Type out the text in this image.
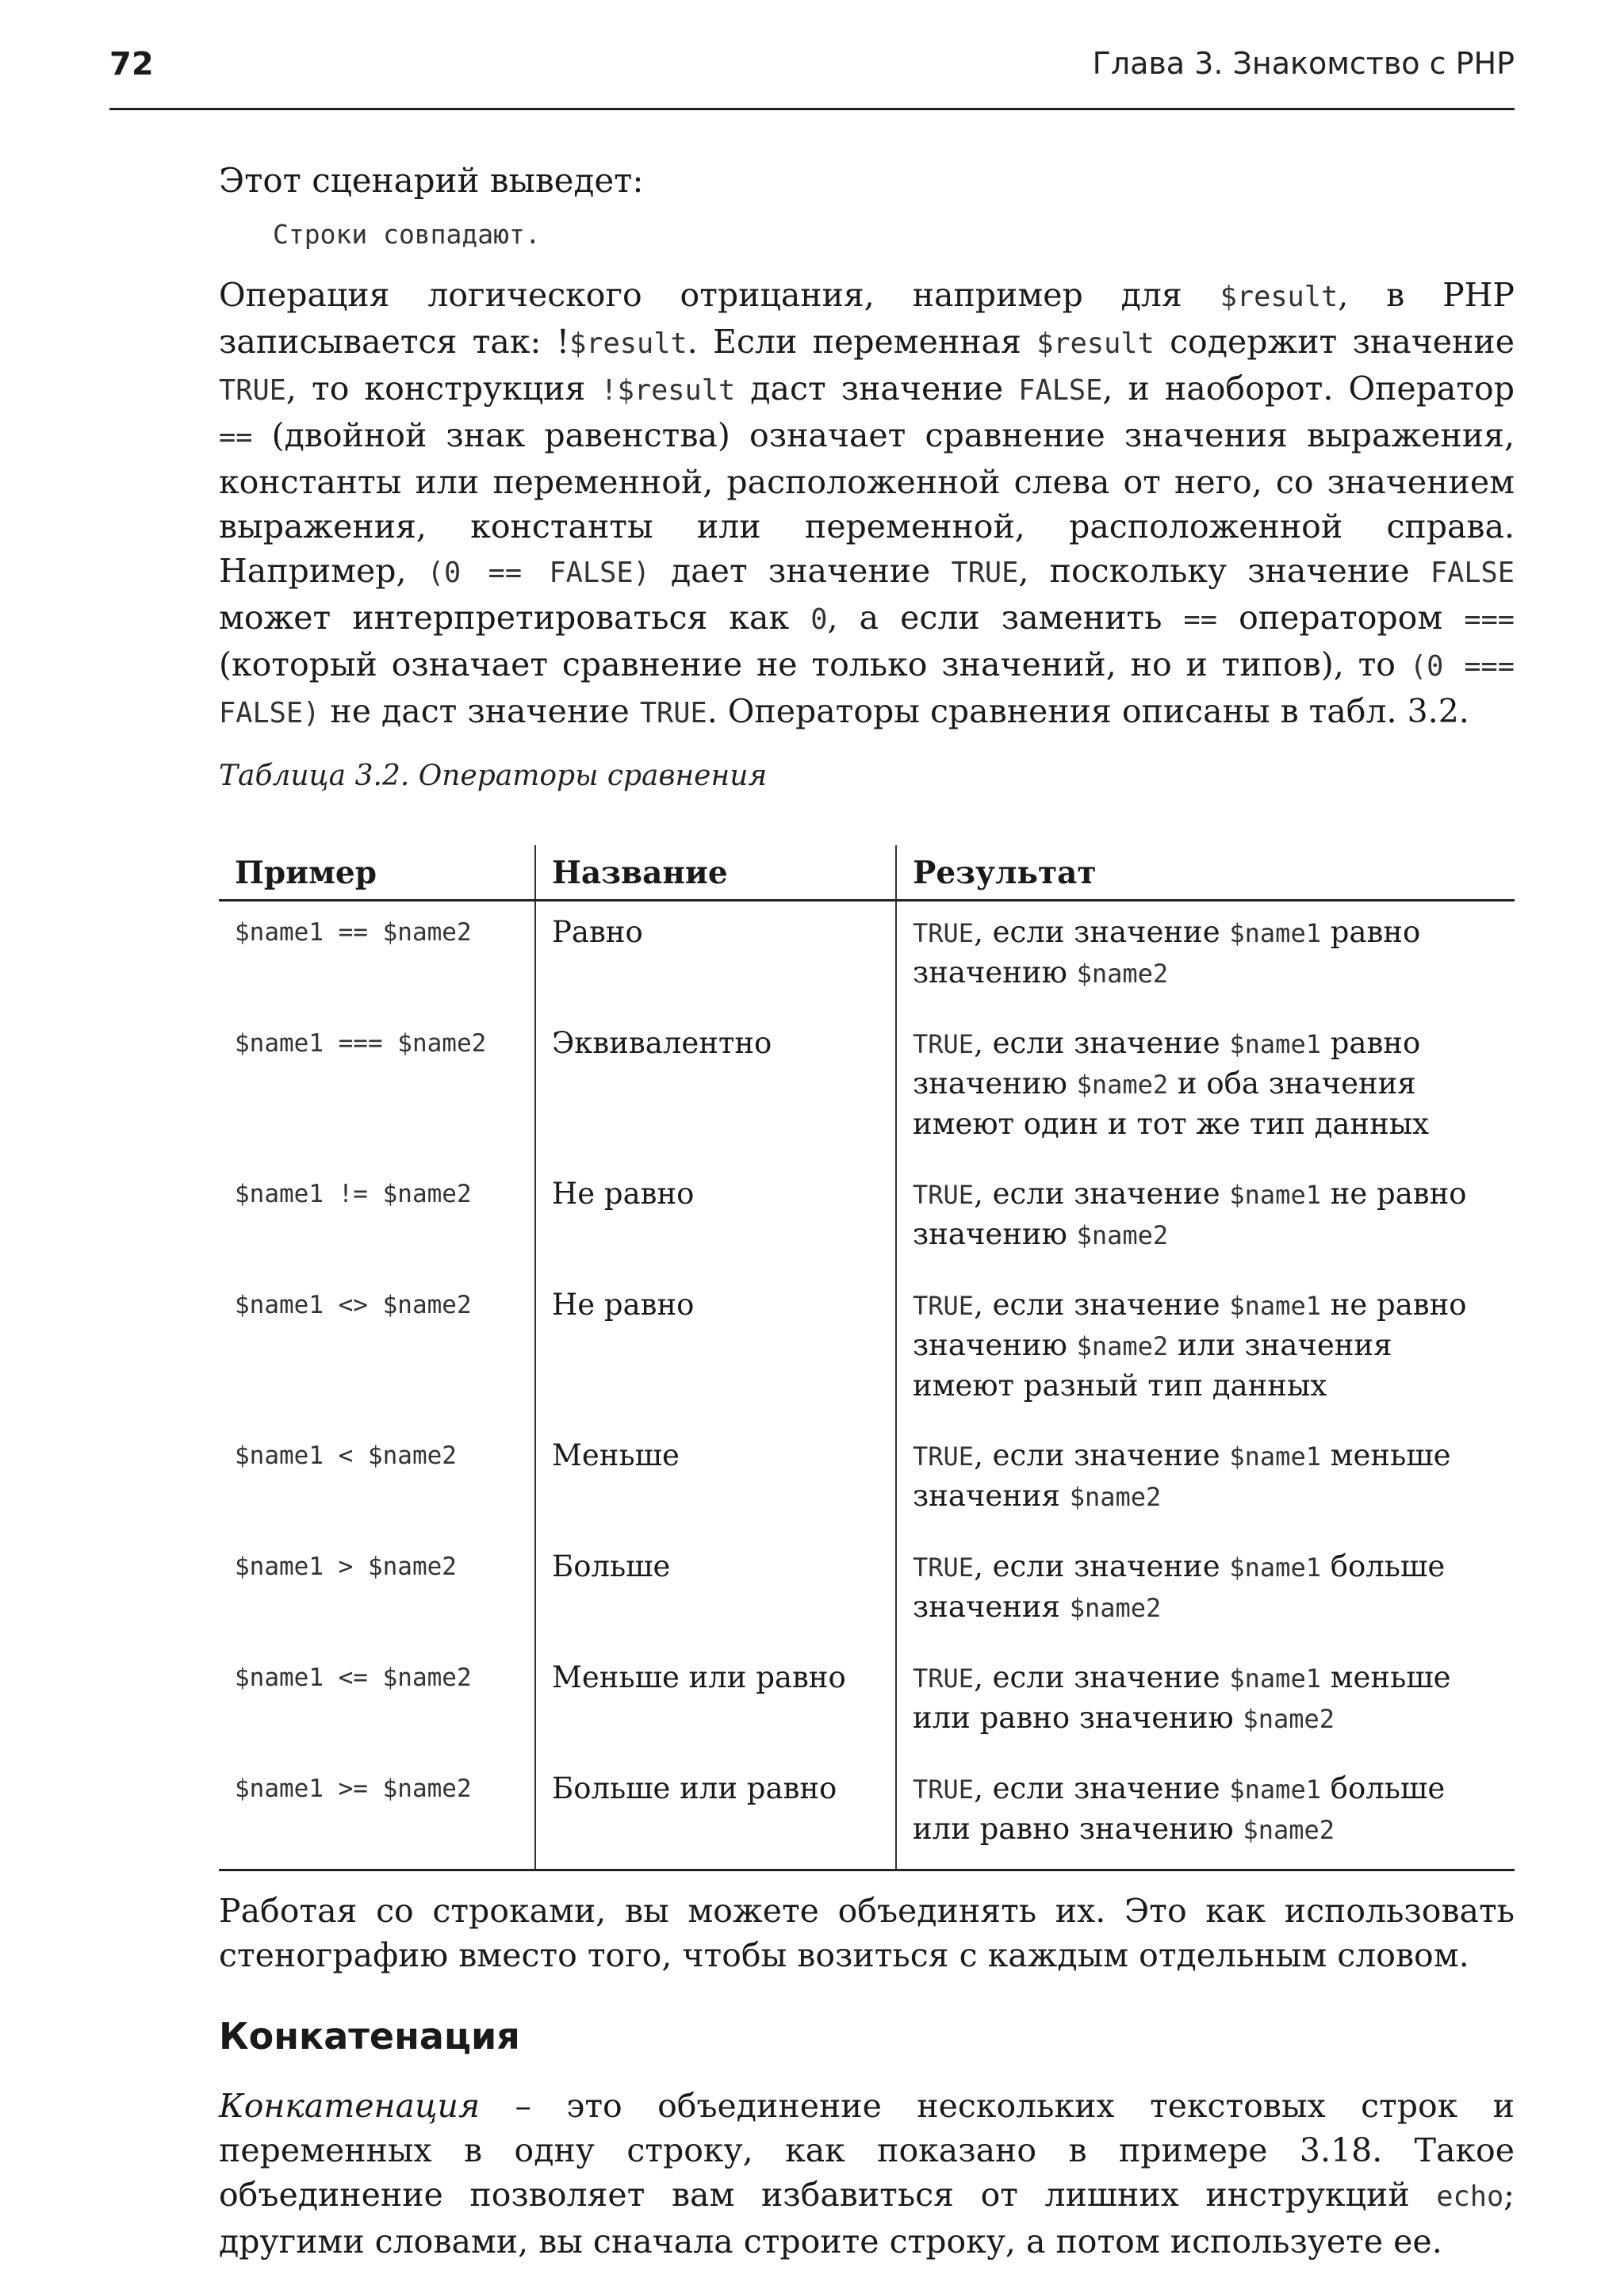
72	Глава 3. Знакомство с PHP

Этот сценарий выведет:

Строки совпадают.

Операция логического отрицания, например для $result, в PHP записывается так: !$result. Если переменная $result содержит значение TRUE, то конструкция !$result даст значение FALSE, и наоборот. Оператор == (двойной знак равенства) означает сравнение значения выражения, константы или переменной, расположенной слева от него, со значением выражения, константы или переменной, расположенной справа. Например, (0 == FALSE) дает значение TRUE, поскольку значение FALSE может интерпретироваться как 0, а если заменить == оператором === (который означает сравнение не только значений, но и типов), то (0 === FALSE) не даст значение TRUE. Операторы сравнения описаны в табл. 3.2.

Таблица 3.2. Операторы сравнения

Пример	Название	Результат
$name1 == $name2	Равно	TRUE, если значение $name1 равно значению $name2
$name1 === $name2	Эквивалентно	TRUE, если значение $name1 равно значению $name2 и оба значения имеют один и тот же тип данных
$name1 != $name2	Не равно	TRUE, если значение $name1 не равно значению $name2
$name1 <> $name2	Не равно	TRUE, если значение $name1 не равно значению $name2 или значения имеют разный тип данных
$name1 < $name2	Меньше	TRUE, если значение $name1 меньше значения $name2
$name1 > $name2	Больше	TRUE, если значение $name1 больше значения $name2
$name1 <= $name2	Меньше или равно	TRUE, если значение $name1 меньше или равно значению $name2
$name1 >= $name2	Больше или равно	TRUE, если значение $name1 больше или равно значению $name2

Работая со строками, вы можете объединять их. Это как использовать стенографию вместо того, чтобы возиться с каждым отдельным словом.

Конкатенация

Конкатенация – это объединение нескольких текстовых строк и переменных в одну строку, как показано в примере 3.18. Такое объединение позволяет вам избавиться от лишних инструкций echo; другими словами, вы сначала строите строку, а потом используете ее.
